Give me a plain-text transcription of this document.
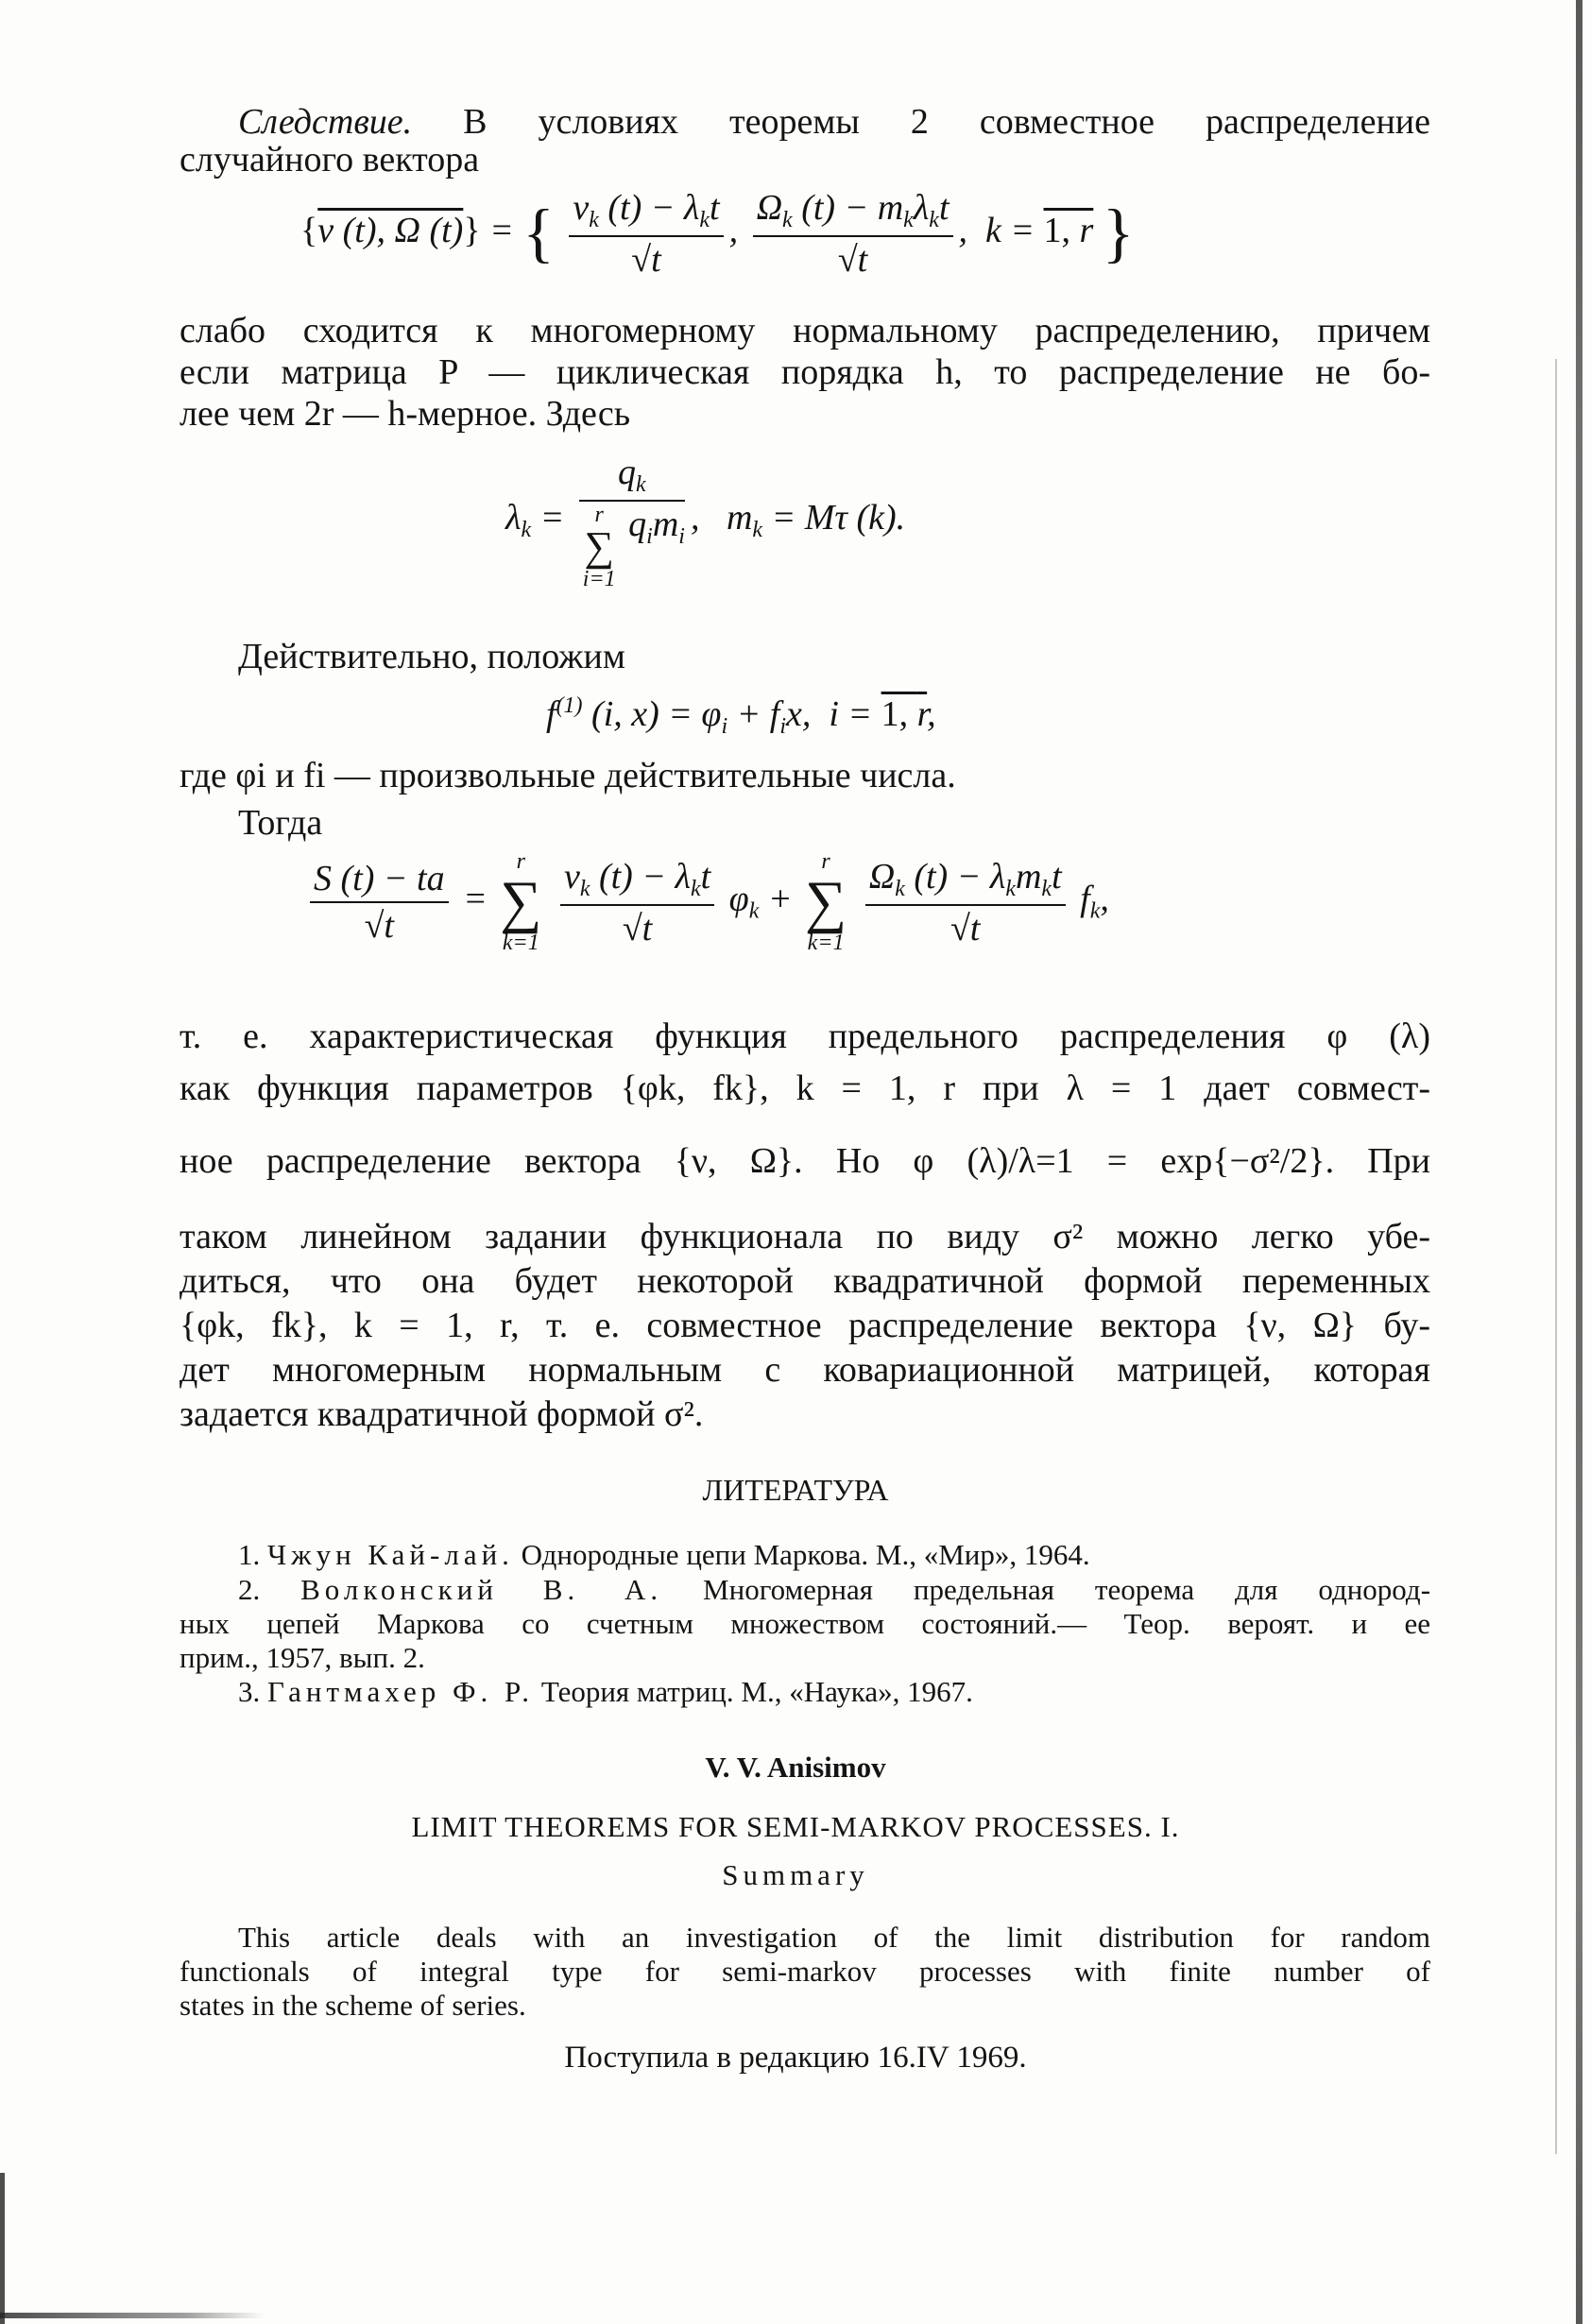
Следствие. В условиях теоремы 2 совместное распределение
случайного вектора
{ν (t), Ω (t)} = { $\frac{\nu_k (t) - \lambda_kt}{√t}$ , $\frac{\Omega_k (t) - m_k\lambda_kt}{√t}$ ,  k = 1, $\overline{r}$ }
слабо сходится к многомерному нормальному распределению, причем
если матрица P — циклическая порядка h, то распределение не бо-
лее чем 2r — h-мерное. Здесь
$\lambda_k = q_k$
r
∑
i=1
$q_im_i$ ,   $m_k = M\tau$ (k).
Действительно, положим
$f^{(1)}$ (i, $x) = \varphi_i + f_ix$,  i = 1, $\overline{r}$,
где φi и fi — произвольные действительные числа.
Тогда
$\frac{S (t) - ta}{√t}$ =
r
∑
k=1
$\frac{\nu_k (t) - \lambda_kt}{√t} \varphi_k$ +
r
∑
k=1
$\frac{\Omega_k (t) - \lambda_km_kt}{√t} f_k$,
т. е. характеристическая функция предельного распределения φ (λ)
как функция параметров {φk, fk}, k = 1, r при λ = 1 дает совмест-
ное распределение вектора {ν, Ω}. Но φ (λ)/λ=1 = exp{−σ²/2}. При
таком линейном задании функционала по виду σ² можно легко убе-
диться, что она будет некоторой квадратичной формой переменных
{φk, fk}, k = 1, r, т. е. совместное распределение вектора {ν, Ω} бу-
дет многомерным нормальным с ковариационной матрицей, которая
задается квадратичной формой σ².
ЛИТЕРАТУРА
1. Чжун Кай-лай. Однородные цепи Маркова. М., «Мир», 1964.
2. Волконский В. А. Многомерная предельная теорема для однород-
ных цепей Маркова со счетным множеством состояний.— Теор. вероят. и ее
прим., 1957, вып. 2.
3. Гантмахер Ф. Р. Теория матриц. М., «Наука», 1967.
V. V. Anisimov
LIMIT THEOREMS FOR SEMI-MARKOV PROCESSES. I.
Summary
This article deals with an investigation of the limit distribution for random
functionals of integral type for semi-markov processes with finite number of
states in the scheme of series.
Поступила в редакцию 16.IV 1969.
